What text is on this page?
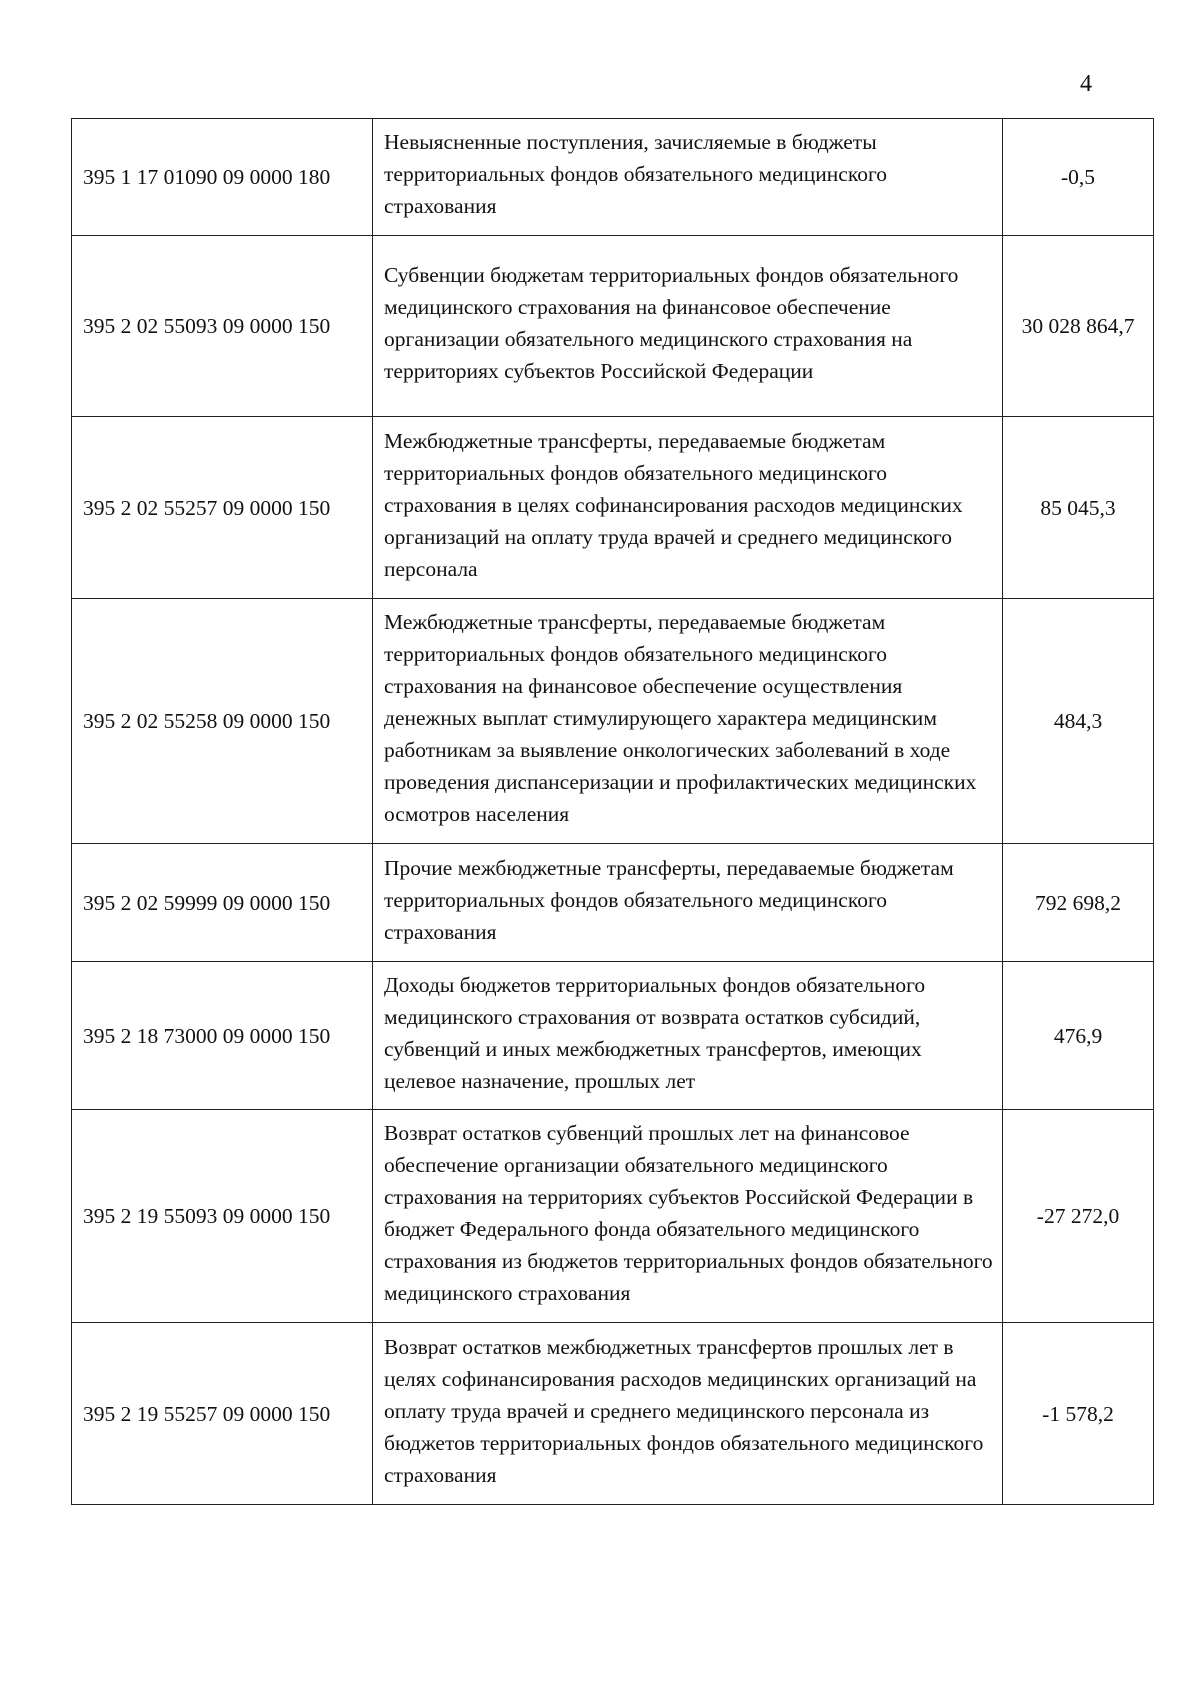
4
395 1 17 01090 09 0000 180	Невыясненные поступления, зачисляемые в бюджеты территориальных фондов обязательного медицинского страхования	-0,5
395 2 02 55093 09 0000 150	Субвенции бюджетам территориальных фондов обязательного медицинского страхования на финансовое обеспечение организации обязательного медицинского страхования на территориях субъектов Российской Федерации	30 028 864,7
395 2 02 55257 09 0000 150	Межбюджетные трансферты, передаваемые бюджетам территориальных фондов обязательного медицинского страхования в целях софинансирования расходов медицинских организаций на оплату труда врачей и среднего медицинского персонала	85 045,3
395 2 02 55258 09 0000 150	Межбюджетные трансферты, передаваемые бюджетам территориальных фондов обязательного медицинского страхования на финансовое обеспечение осуществления денежных выплат стимулирующего характера медицинским работникам за выявление онкологических заболеваний в ходе проведения диспансеризации и профилактических медицинских осмотров населения	484,3
395 2 02 59999 09 0000 150	Прочие межбюджетные трансферты, передаваемые бюджетам территориальных фондов обязательного медицинского страхования	792 698,2
395 2 18 73000 09 0000 150	Доходы бюджетов территориальных фондов обязательного медицинского страхования от возврата остатков субсидий, субвенций и иных межбюджетных трансфертов, имеющих целевое назначение, прошлых лет	476,9
395 2 19 55093 09 0000 150	Возврат остатков субвенций прошлых лет на финансовое обеспечение организации обязательного медицинского страхования на территориях субъектов Российской Федерации в бюджет Федерального фонда обязательного медицинского страхования из бюджетов территориальных фондов обязательного медицинского страхования	-27 272,0
395 2 19 55257 09 0000 150	Возврат остатков межбюджетных трансфертов прошлых лет в целях софинансирования расходов медицинских организаций на оплату труда врачей и среднего медицинского персонала из бюджетов территориальных фондов обязательного медицинского страхования	-1 578,2
